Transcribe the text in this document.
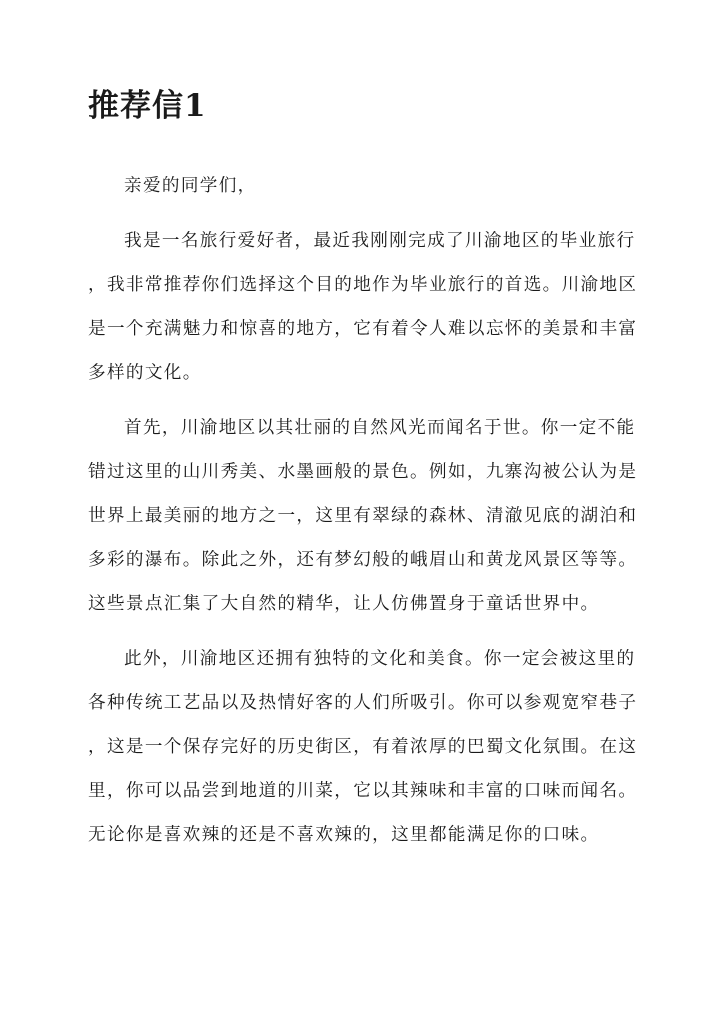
推荐信1

亲爱的同学们，

我是一名旅行爱好者，最近我刚刚完成了川渝地区的毕业旅行

，我非常推荐你们选择这个目的地作为毕业旅行的首选。川渝地区

是一个充满魅力和惊喜的地方，它有着令人难以忘怀的美景和丰富

多样的文化。

首先，川渝地区以其壮丽的自然风光而闻名于世。你一定不能

错过这里的山川秀美、水墨画般的景色。例如，九寨沟被公认为是

世界上最美丽的地方之一，这里有翠绿的森林、清澈见底的湖泊和

多彩的瀑布。除此之外，还有梦幻般的峨眉山和黄龙风景区等等。

这些景点汇集了大自然的精华，让人仿佛置身于童话世界中。

此外，川渝地区还拥有独特的文化和美食。你一定会被这里的

各种传统工艺品以及热情好客的人们所吸引。你可以参观宽窄巷子

，这是一个保存完好的历史街区，有着浓厚的巴蜀文化氛围。在这

里，你可以品尝到地道的川菜，它以其辣味和丰富的口味而闻名。

无论你是喜欢辣的还是不喜欢辣的，这里都能满足你的口味。
